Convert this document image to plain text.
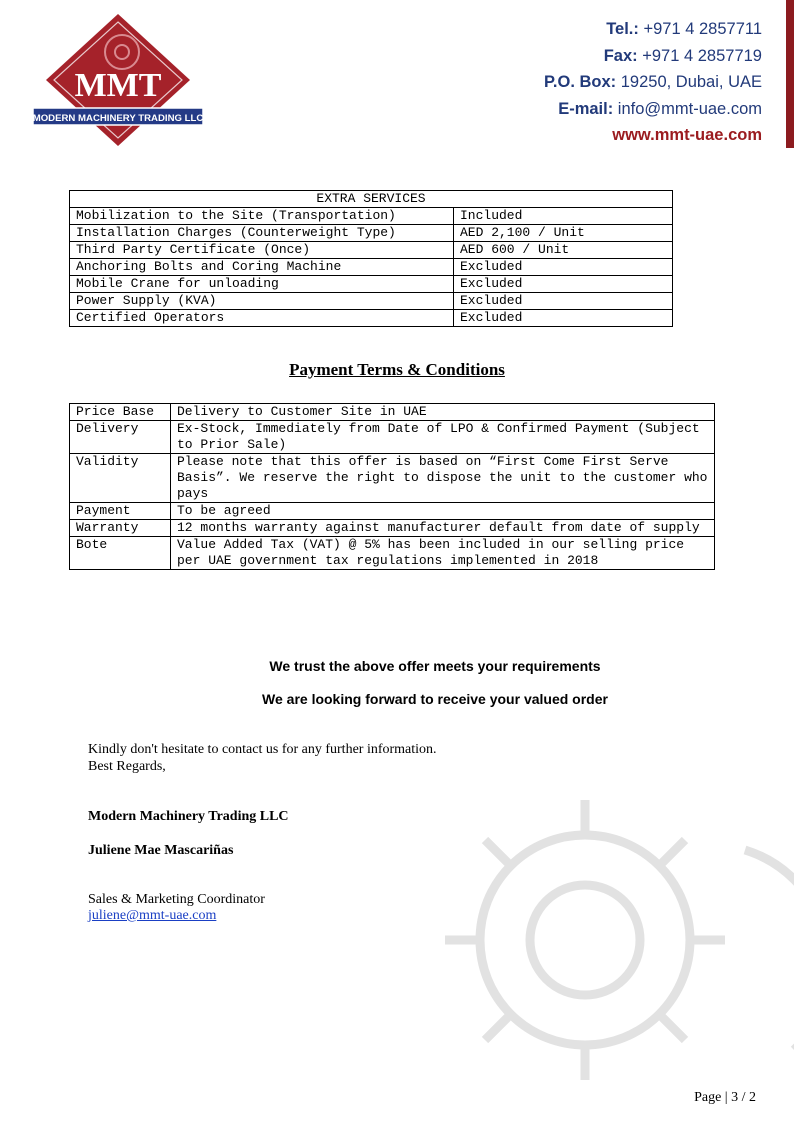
MMT
MODERN MACHINERY TRADING LLC
Tel.: +971 4 2857711
Fax: +971 4 2857719
P.O. Box: 19250, Dubai, UAE
E-mail: info@mmt-uae.com
www.mmt-uae.com
EXTRA SERVICES	
Mobilization to the Site (Transportation)	Included
Installation Charges (Counterweight Type)	AED 2,100 / Unit
Third Party Certificate (Once)	AED 600 / Unit
Anchoring Bolts and Coring Machine	Excluded
Mobile Crane for unloading	Excluded
Power Supply (KVA)	Excluded
Certified Operators	Excluded
Payment Terms & Conditions
Price Base	Delivery to Customer Site in UAE
Delivery	Ex-Stock, Immediately from Date of LPO & Confirmed Payment (Subject to Prior Sale)
Validity	Please note that this offer is based on “First Come First Serve Basis”. We reserve the right to dispose the unit to the customer who pays
Payment	To be agreed
Warranty	12 months warranty against manufacturer default from date of supply
Bote	Value Added Tax (VAT) @ 5% has been included in our selling price per UAE government tax regulations implemented in 2018
We trust the above offer meets your requirements
We are looking forward to receive your valued order
Kindly don't hesitate to contact us for any further information.
Best Regards,
Modern Machinery Trading LLC
Juliene Mae Mascariñas
Sales & Marketing Coordinator
juliene@mmt-uae.com
Page | 3 / 2
